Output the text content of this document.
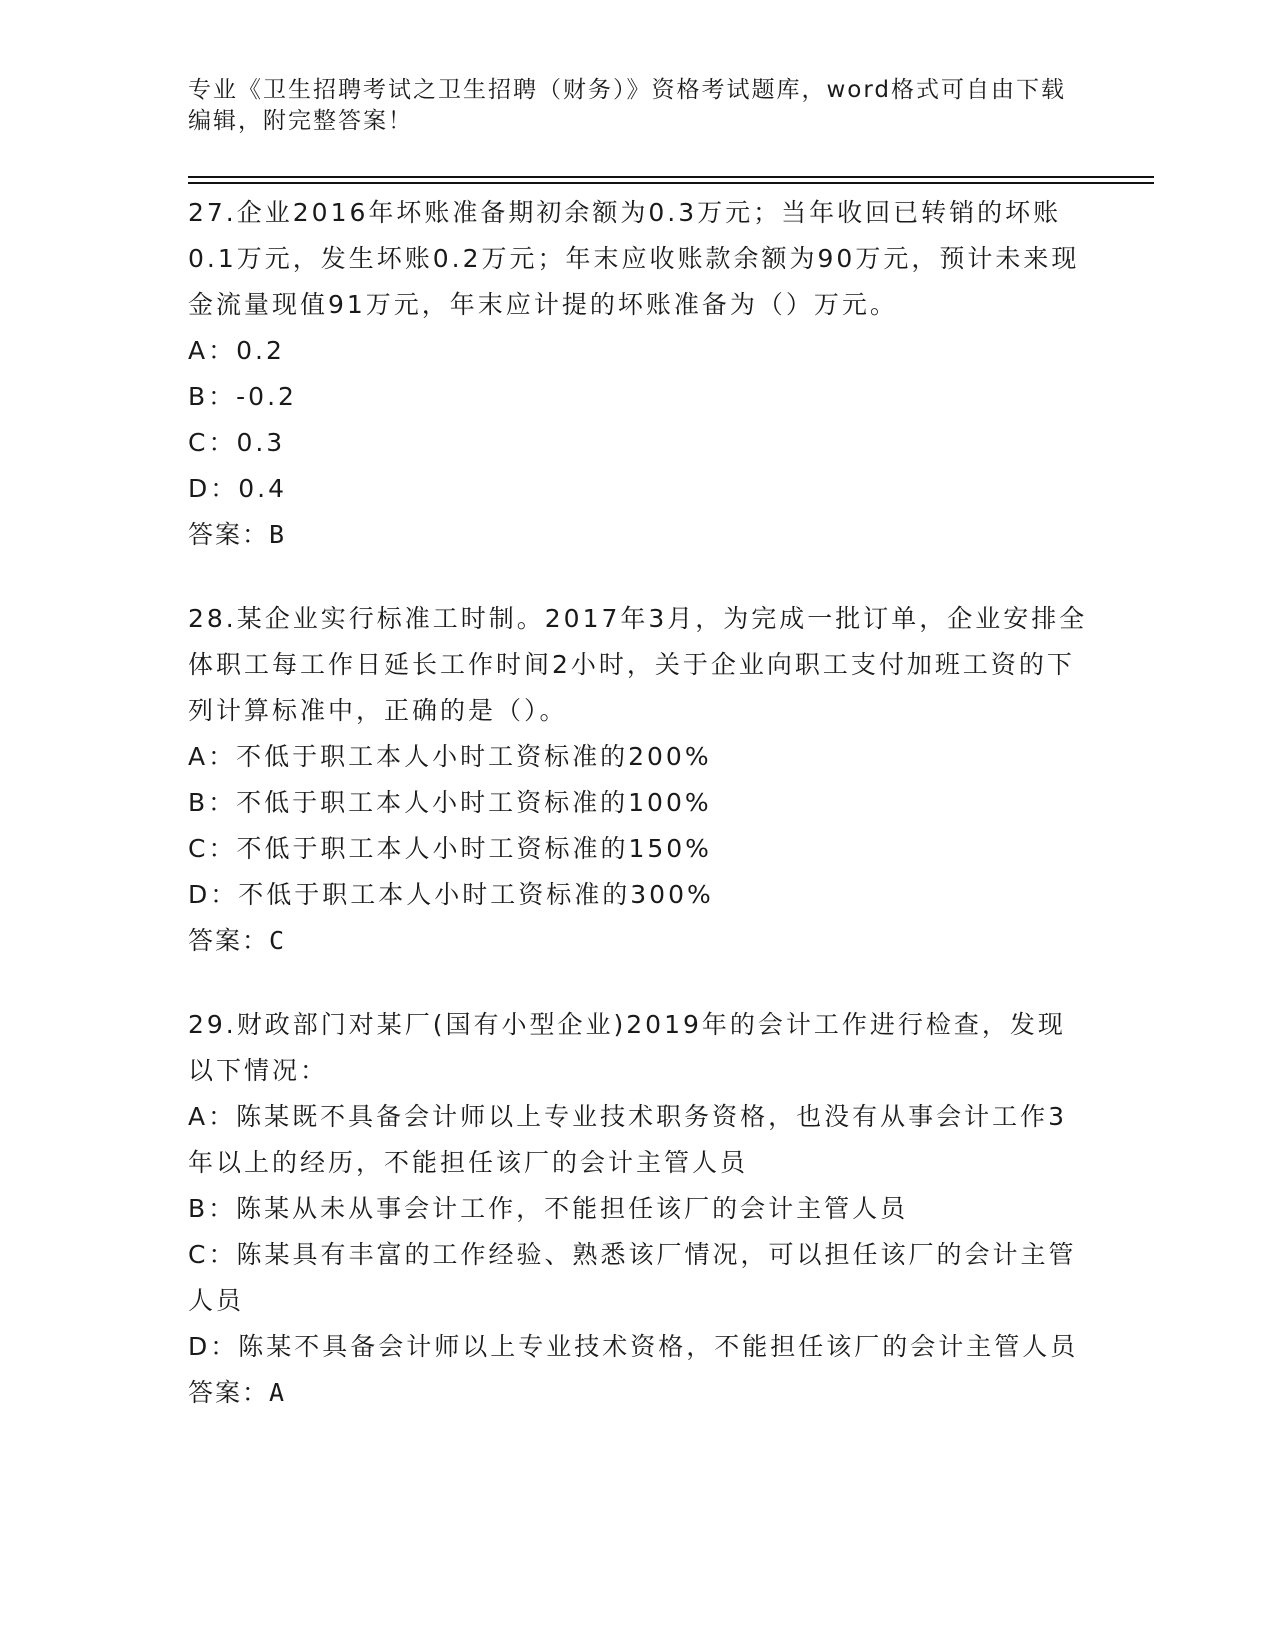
专业《卫生招聘考试之卫生招聘（财务）》资格考试题库，word格式可自由下载编辑，附完整答案！

27.企业2016年坏账准备期初余额为0.3万元；当年收回已转销的坏账0.1万元，发生坏账0.2万元；年末应收账款余额为90万元，预计未来现金流量现值91万元，年末应计提的坏账准备为（）万元。

A：0.2

B：-0.2

C：0.3

D：0.4

答案：B

28.某企业实行标准工时制。2017年3月，为完成一批订单，企业安排全体职工每工作日延长工作时间2小时，关于企业向职工支付加班工资的下列计算标准中，正确的是（）。

A：不低于职工本人小时工资标准的200%

B：不低于职工本人小时工资标准的100%

C：不低于职工本人小时工资标准的150%

D：不低于职工本人小时工资标准的300%

答案：C

29.财政部门对某厂(国有小型企业)2019年的会计工作进行检查，发现以下情况：

A：陈某既不具备会计师以上专业技术职务资格，也没有从事会计工作3年以上的经历，不能担任该厂的会计主管人员

B：陈某从未从事会计工作，不能担任该厂的会计主管人员

C：陈某具有丰富的工作经验、熟悉该厂情况，可以担任该厂的会计主管人员

D：陈某不具备会计师以上专业技术资格，不能担任该厂的会计主管人员

答案：A
